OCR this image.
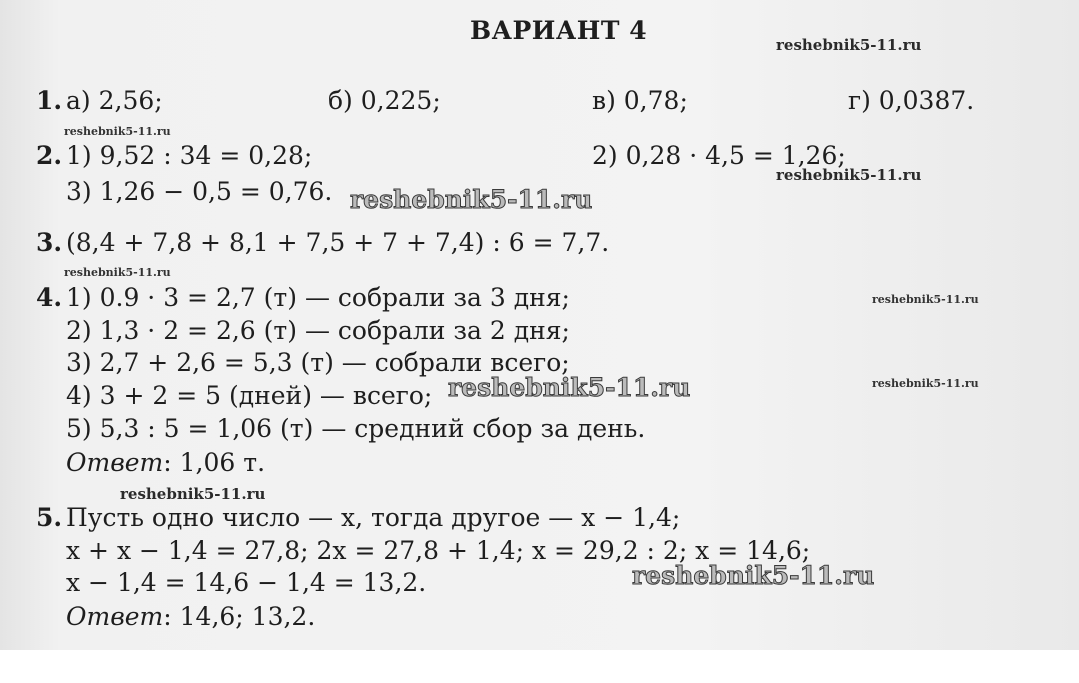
ВАРИАНТ 4	reshebnik5-11.ru
1. а) 2,56;	б) 0,225;	в) 0,78;	г) 0,0387.
reshebnik5-11.ru
2. 1) 9,52 : 34 = 0,28;	2) 0,28 · 4,5 = 1,26;
reshebnik5-11.ru
3) 1,26 − 0,5 = 0,76. reshebnik5-11.ru
3. (8,4 + 7,8 + 8,1 + 7,5 + 7 + 7,4) : 6 = 7,7.
reshebnik5-11.ru
4. 1) 0.9 · 3 = 2,7 (т) — собрали за 3 дня;	reshebnik5-11.ru
2) 1,3 · 2 = 2,6 (т) — собрали за 2 дня;
3) 2,7 + 2,6 = 5,3 (т) — собрали всего;
4) 3 + 2 = 5 (дней) — всего; reshebnik5-11.ru	reshebnik5-11.ru
5) 5,3 : 5 = 1,06 (т) — средний сбор за день.
Ответ: 1,06 т.
reshebnik5-11.ru
5. Пусть одно число — x, тогда другое — x − 1,4;
x + x − 1,4 = 27,8; 2x = 27,8 + 1,4; x = 29,2 : 2; x = 14,6;
x − 1,4 = 14,6 − 1,4 = 13,2.	reshebnik5-11.ru
Ответ: 14,6; 13,2.
